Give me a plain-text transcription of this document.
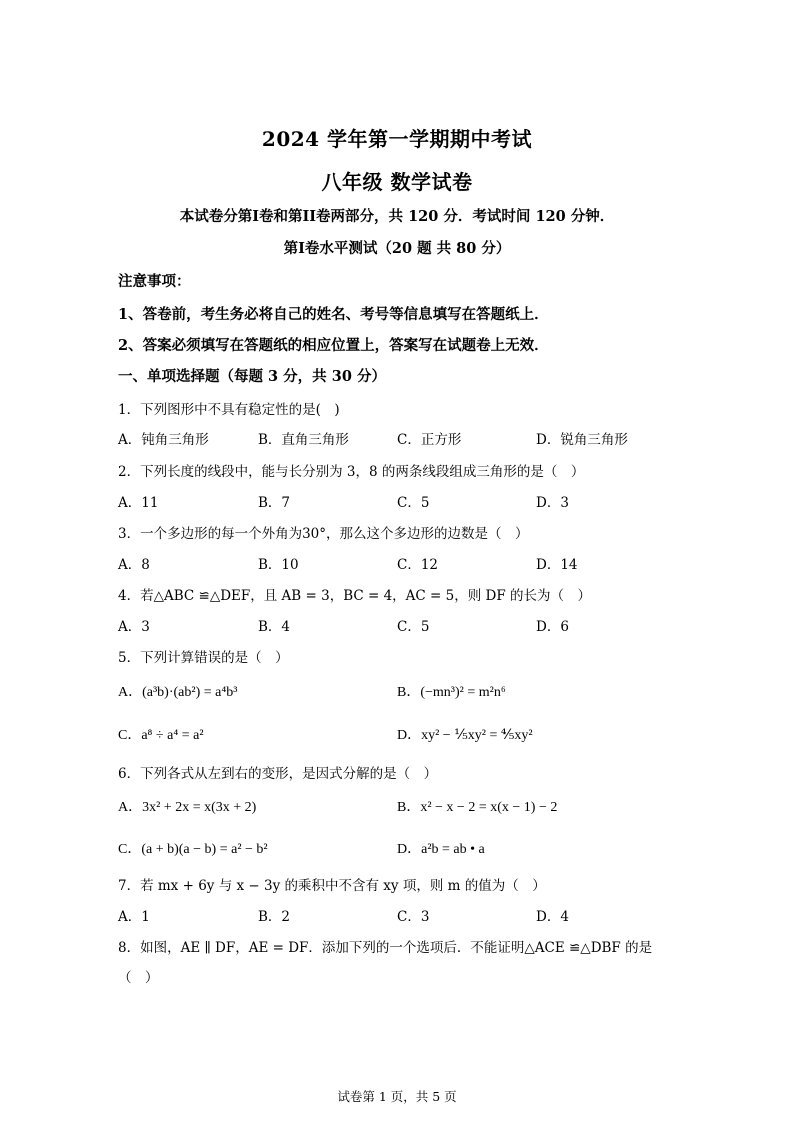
2024 学年第一学期期中考试
八年级 数学试卷
本试卷分第I卷和第II卷两部分，共 120 分．考试时间 120 分钟．
第I卷水平测试（20 题 共 80 分）
注意事项：
1、答卷前，考生务必将自己的姓名、考号等信息填写在答题纸上．
2、答案必须填写在答题纸的相应位置上，答案写在试题卷上无效．
一、单项选择题（每题 3 分，共 30 分）
1．下列图形中不具有稳定性的是(　)
A．钝角三角形	B．直角三角形	C．正方形	D．锐角三角形
2．下列长度的线段中，能与长分别为 3，8 的两条线段组成三角形的是（　）
A．11	B．7	C．5	D．3
3．一个多边形的每一个外角为30°，那么这个多边形的边数是（　）
A．8	B．10	C．12	D．14
4．若△ABC ≌△DEF，且 AB = 3，BC = 4，AC = 5，则 DF 的长为（　）
A．3	B．4	C．5	D．6
5．下列计算错误的是（　）
A．(a³b)·(ab²) = a⁴b³	B．(−mn³)² = m²n⁶
C．a⁸ ÷ a⁴ = a²	D．xy² − ⅕xy² = ⅘xy²
6．下列各式从左到右的变形，是因式分解的是（　）
A．3x² + 2x = x(3x + 2)	B．x² − x − 2 = x(x − 1) − 2
C．(a + b)(a − b) = a² − b²	D．a²b = ab • a
7．若 mx + 6y 与 x − 3y 的乘积中不含有 xy 项，则 m 的值为（　）
A．1	B．2	C．3	D．4
8．如图，AE ∥ DF，AE = DF．添加下列的一个选项后．不能证明△ACE ≌△DBF 的是
（　）
试卷第 1 页，共 5 页
